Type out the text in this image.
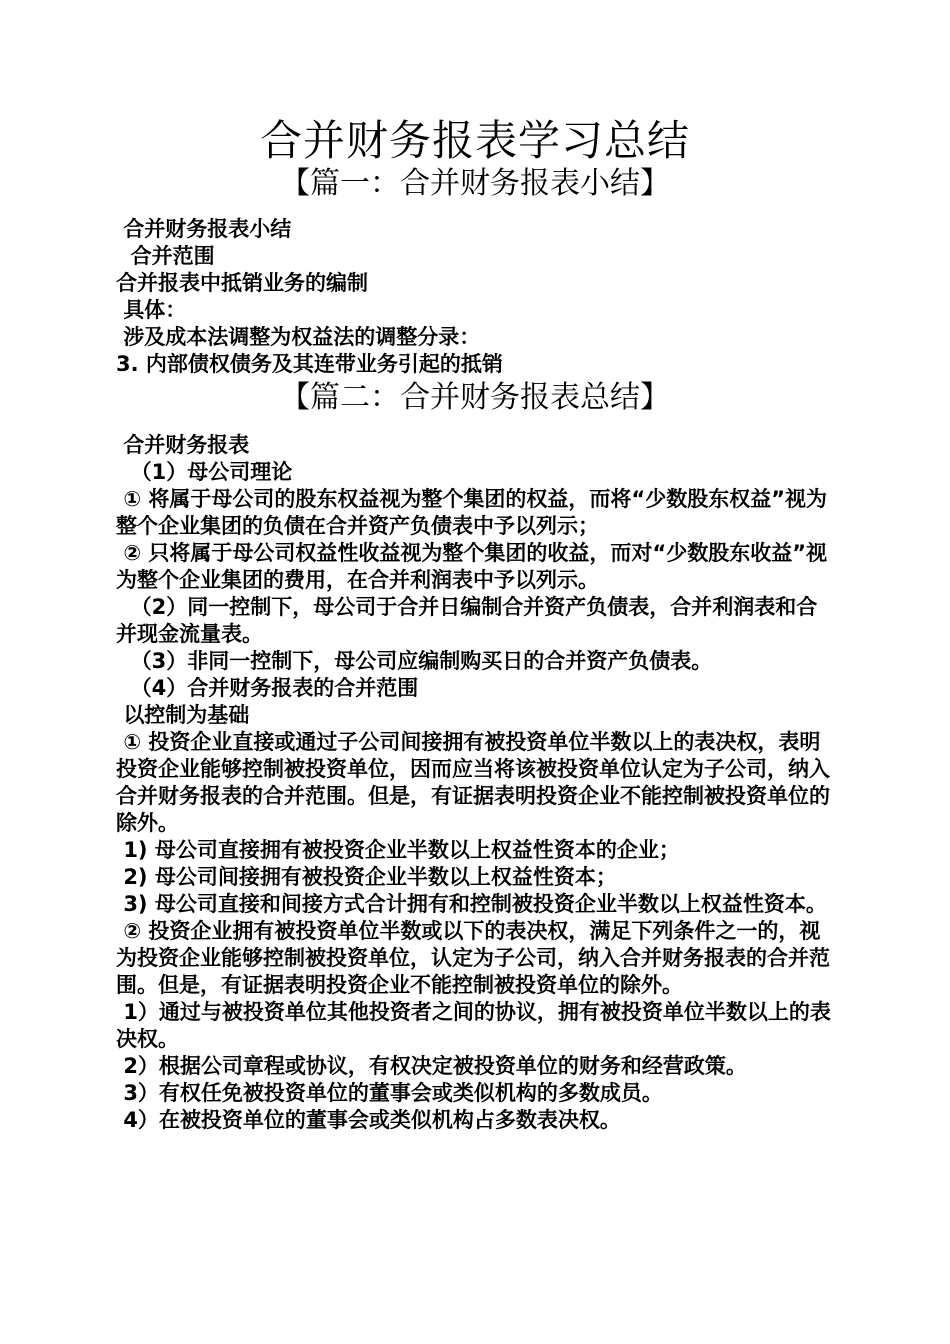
合并财务报表学习总结
【篇一：合并财务报表小结】

合并财务报表小结

合并范围

合并报表中抵销业务的编制

具体：

涉及成本法调整为权益法的调整分录：

3. 内部债权债务及其连带业务引起的抵销

【篇二：合并财务报表总结】

合并财务报表

（1）母公司理论

① 将属于母公司的股东权益视为整个集团的权益，而将“少数股东权益”视为整个企业集团的负债在合并资产负债表中予以列示；

② 只将属于母公司权益性收益视为整个集团的收益，而对“少数股东收益”视为整个企业集团的费用，在合并利润表中予以列示。

（2）同一控制下，母公司于合并日编制合并资产负债表，合并利润表和合并现金流量表。

（3）非同一控制下，母公司应编制购买日的合并资产负债表。

（4）合并财务报表的合并范围

以控制为基础

① 投资企业直接或通过子公司间接拥有被投资单位半数以上的表决权，表明投资企业能够控制被投资单位，因而应当将该被投资单位认定为子公司，纳入合并财务报表的合并范围。但是，有证据表明投资企业不能控制被投资单位的除外。

1) 母公司直接拥有被投资企业半数以上权益性资本的企业；

2) 母公司间接拥有被投资企业半数以上权益性资本；

3) 母公司直接和间接方式合计拥有和控制被投资企业半数以上权益性资本。

② 投资企业拥有被投资单位半数或以下的表决权，满足下列条件之一的，视为投资企业能够控制被投资单位，认定为子公司，纳入合并财务报表的合并范围。但是，有证据表明投资企业不能控制被投资单位的除外。

1）通过与被投资单位其他投资者之间的协议，拥有被投资单位半数以上的表决权。

2）根据公司章程或协议，有权决定被投资单位的财务和经营政策。

3）有权任免被投资单位的董事会或类似机构的多数成员。

4）在被投资单位的董事会或类似机构占多数表决权。
